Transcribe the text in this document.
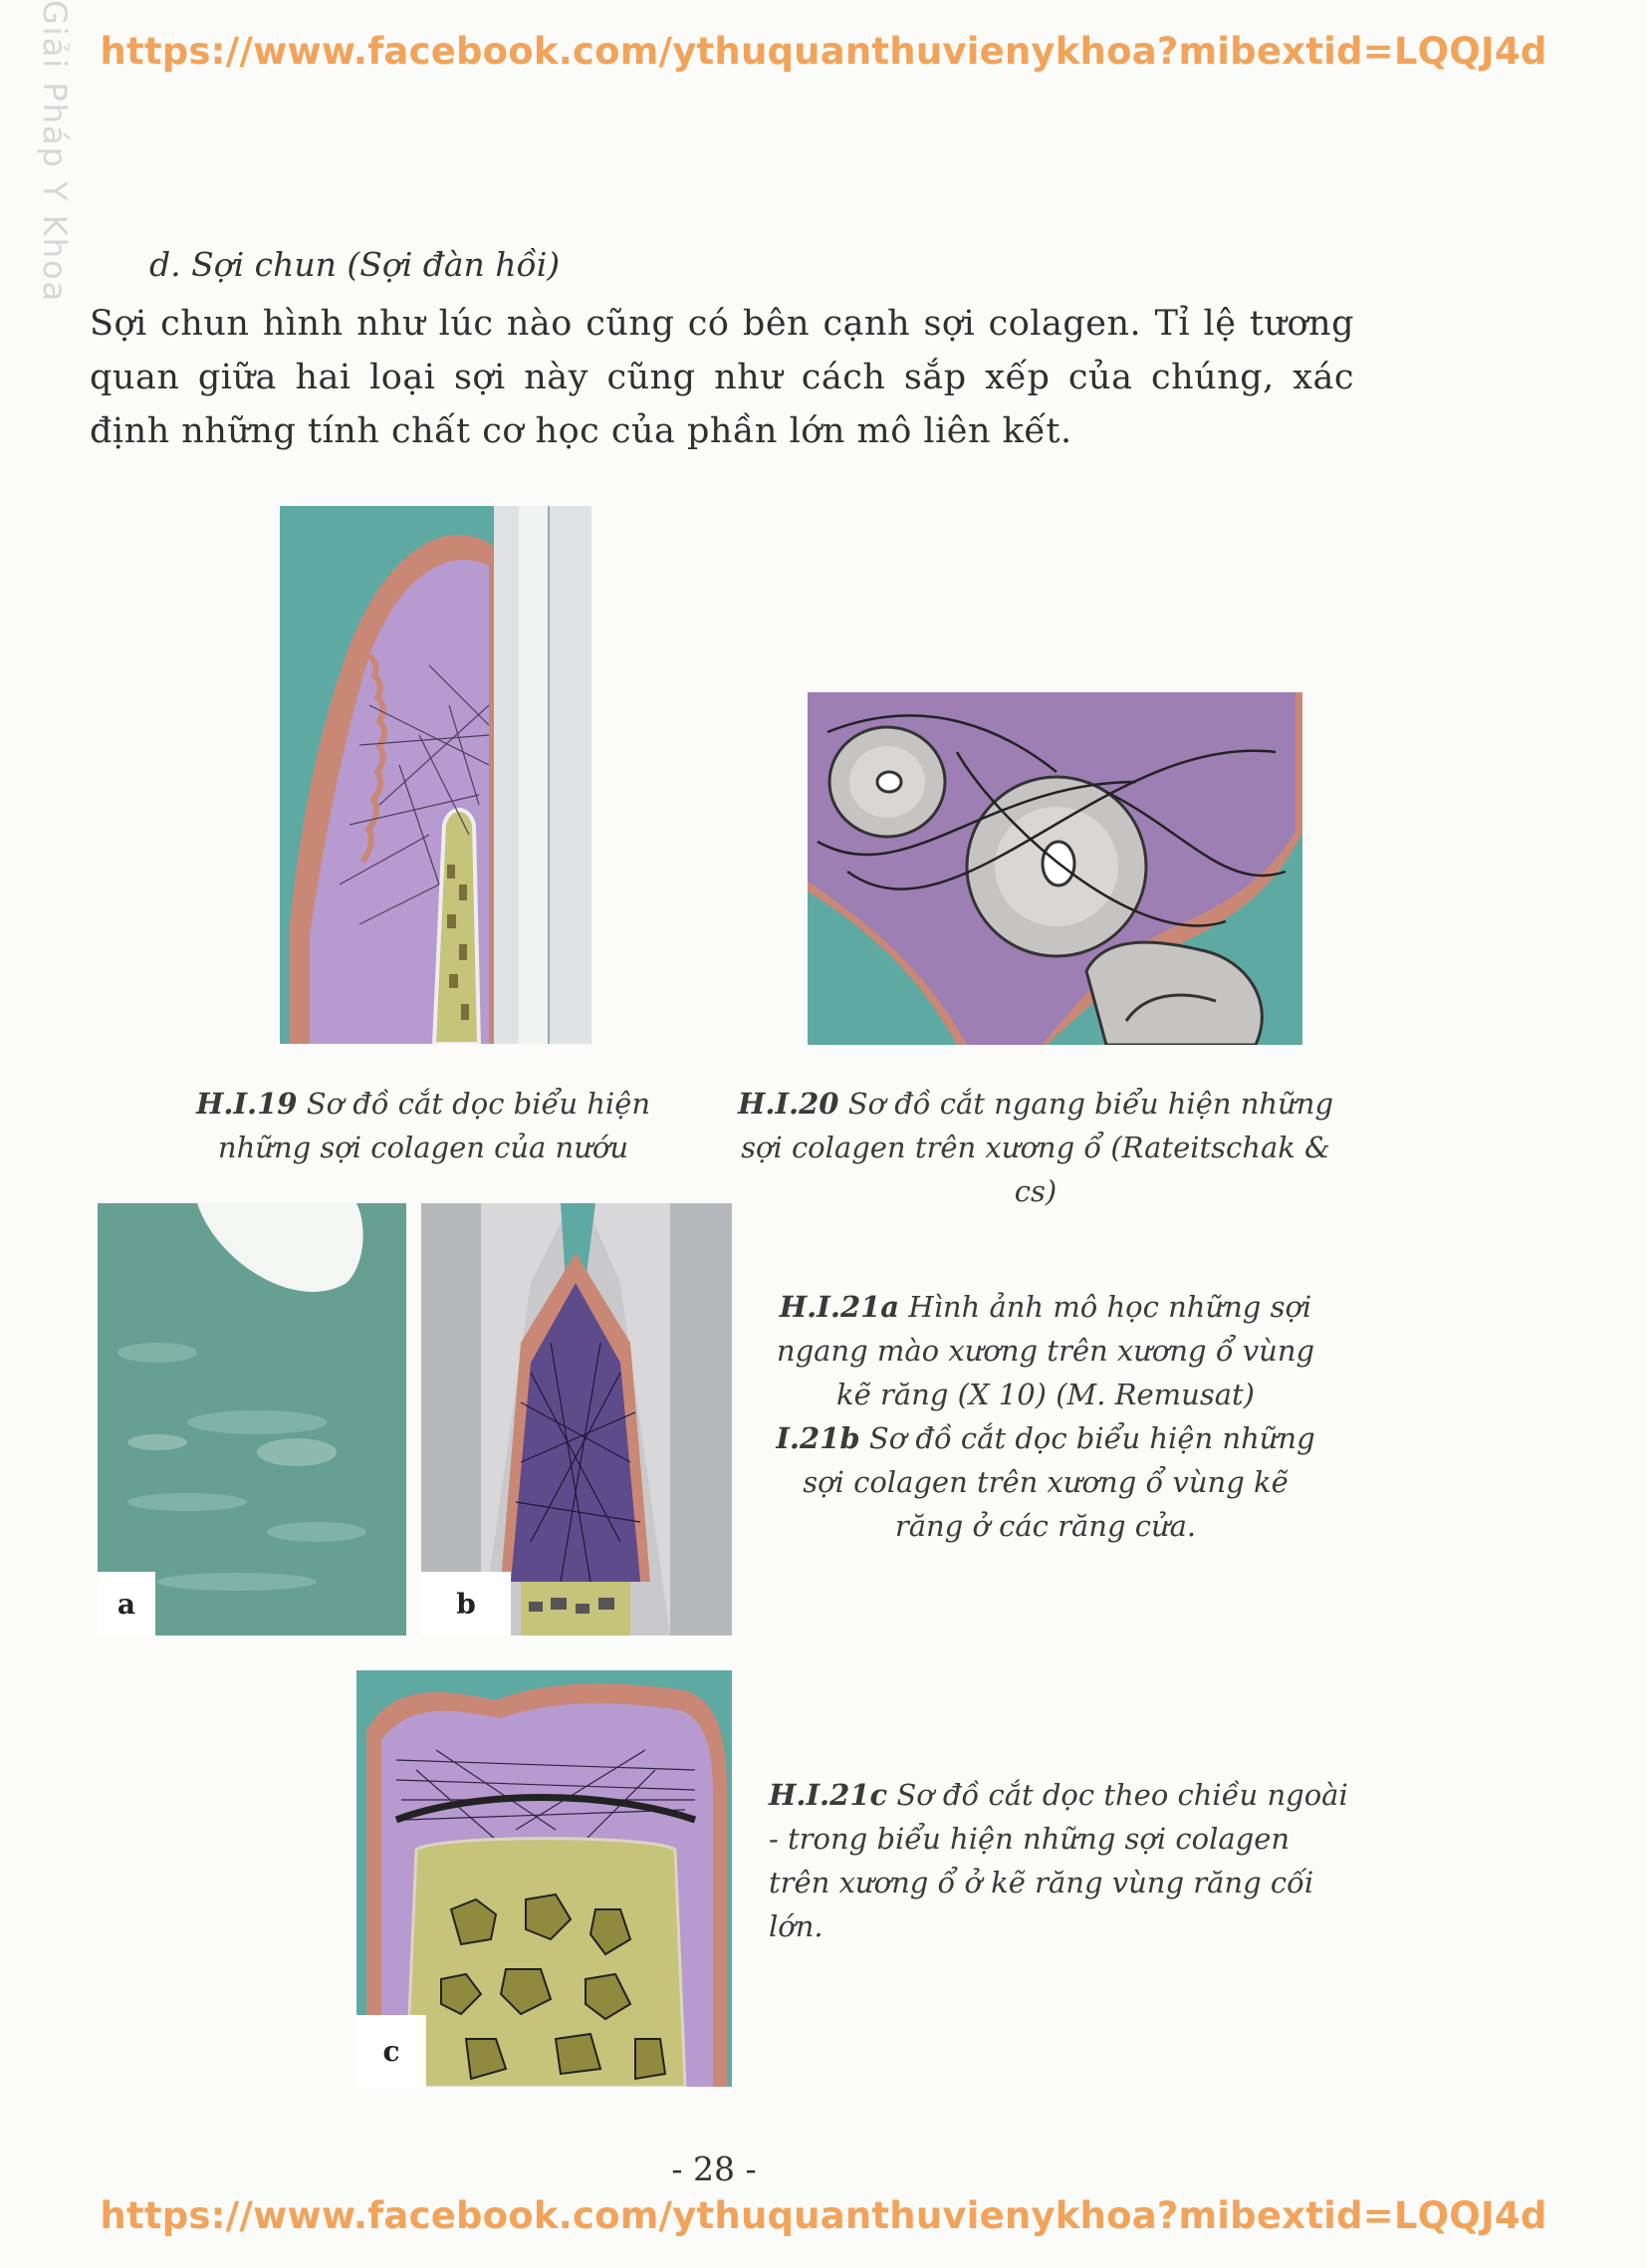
https://www.facebook.com/ythuquanthuvienykhoa?mibextid=LQQJ4d
https://www.facebook.com/ythuquanthuvienykhoa?mibextid=LQQJ4d
Giải Pháp Y Khoa d. Sợi chun (Sợi đàn hồi)
Sợi chun hình như lúc nào cũng có bên cạnh sợi colagen. Tỉ lệ tương quan giữa hai loại sợi này cũng như cách sắp xếp của chúng, xác định những tính chất cơ học của phần lớn mô liên kết.
H.I.19 Sơ đồ cắt dọc biểu hiện những sợi colagen của nướu
H.I.20 Sơ đồ cắt ngang biểu hiện những sợi colagen trên xương ổ (Rateitschak & cs)
a	b
H.I.21a Hình ảnh mô học những sợi ngang mào xương trên xương ổ vùng kẽ răng (X 10) (M. Remusat)
I.21b Sơ đồ cắt dọc biểu hiện những sợi colagen trên xương ổ vùng kẽ răng ở các răng cửa.
c
H.I.21c Sơ đồ cắt dọc theo chiều ngoài - trong biểu hiện những sợi colagen trên xương ổ ở kẽ răng vùng răng cối lớn.
- 28 -
